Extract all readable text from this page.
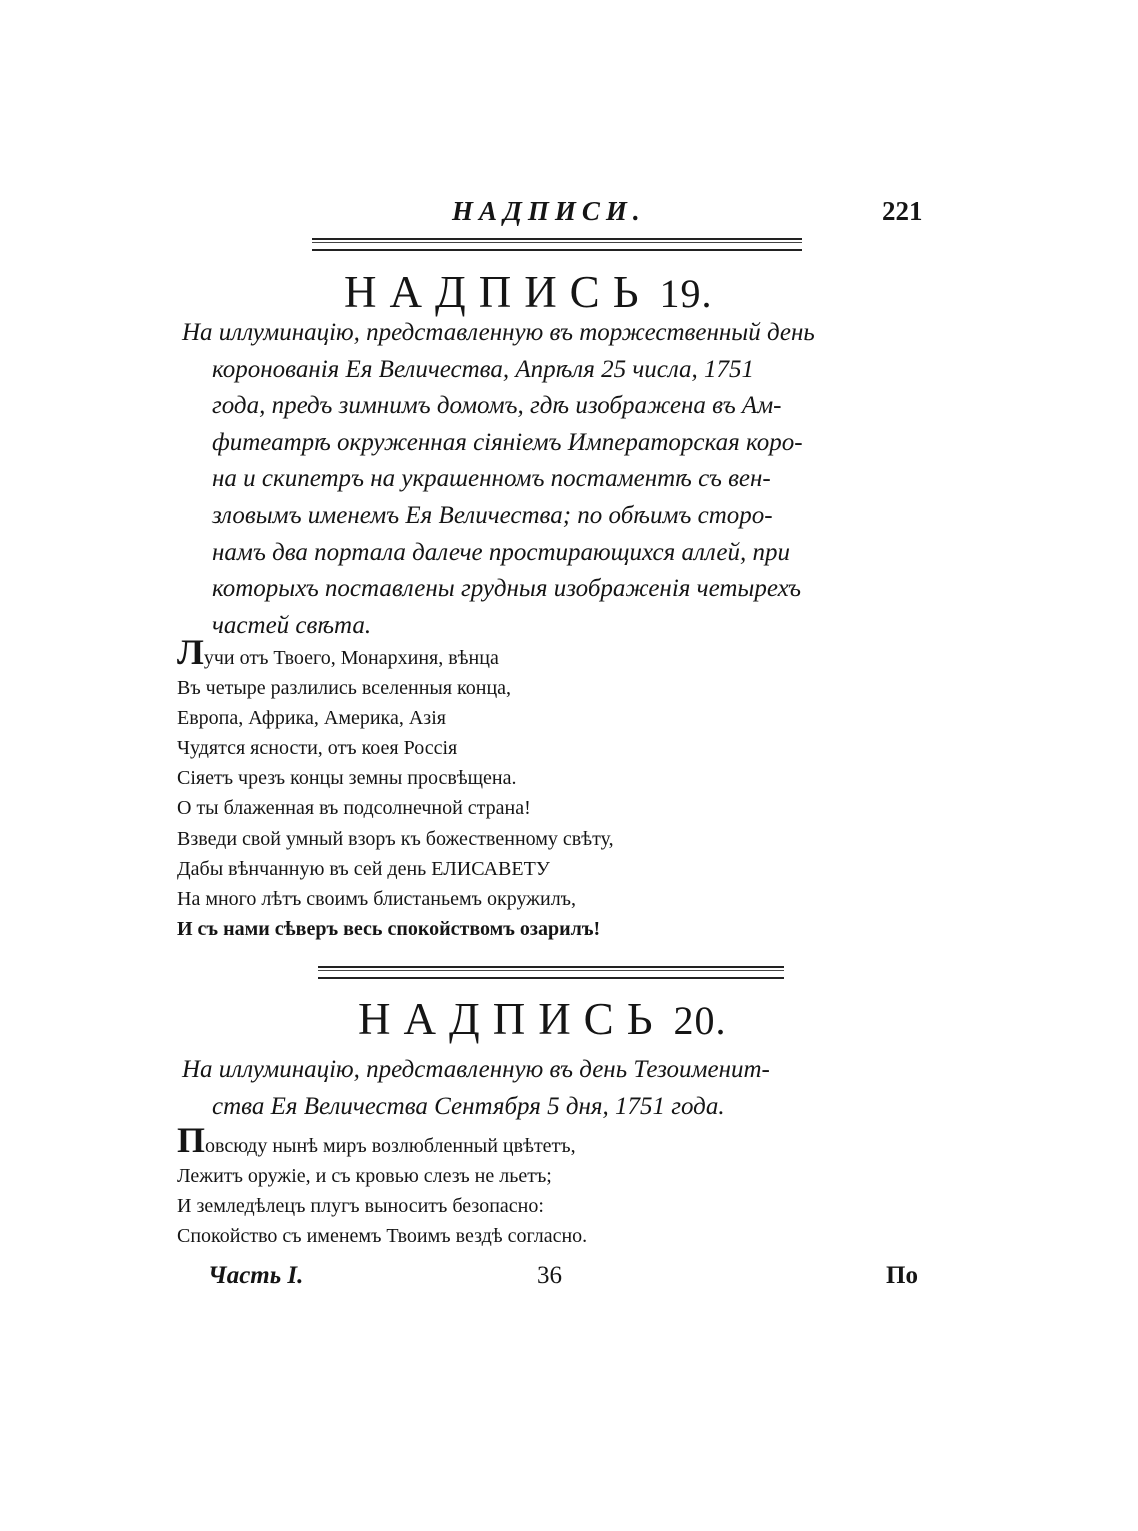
НАДПИСИ.	221
НАДПИСЬ 19.
На иллуминацію, представленную въ торжественный день
коронованія Ея Величества, Апрѣля 25 числа, 1751
года, предъ зимнимъ домомъ, гдѣ изображена въ Ам-
фитеатрѣ окруженная сіяніемъ Императорская коро-
на и скипетръ на украшенномъ постаментѣ съ вен-
зловымъ именемъ Ея Величества; по обѣимъ сторо-
намъ два портала далече простирающихся аллей, при
которыхъ поставлены грудныя изображенія четырехъ
частей свѣта.
Лучи отъ Твоего, Монархиня, вѣнца
Въ четыре разлились вселенныя конца,
Европа, Африка, Америка, Азія
Чудятся ясности, отъ коея Россія
Сіяетъ чрезъ концы земны просвѣщена.
О ты блаженная въ подсолнечной страна!
Взведи свой умный взоръ къ божественному свѣту,
Дабы вѣнчанную въ сей день ЕЛИСАВЕТУ
На много лѣтъ своимъ блистаньемъ окружилъ,
И съ нами сѣверъ весь спокойствомъ озарилъ!
НАДПИСЬ 20.
На иллуминацію, представленную въ день Тезоименит-
ства Ея Величества Сентября 5 дня, 1751 года.
Повсюду нынѣ миръ возлюбленный цвѣтетъ,
Лежитъ оружіе, и съ кровью слезъ не льетъ;
И земледѣлецъ плугъ выноситъ безопасно:
Спокойство съ именемъ Твоимъ вездѣ согласно.
Часть I.	36	По
